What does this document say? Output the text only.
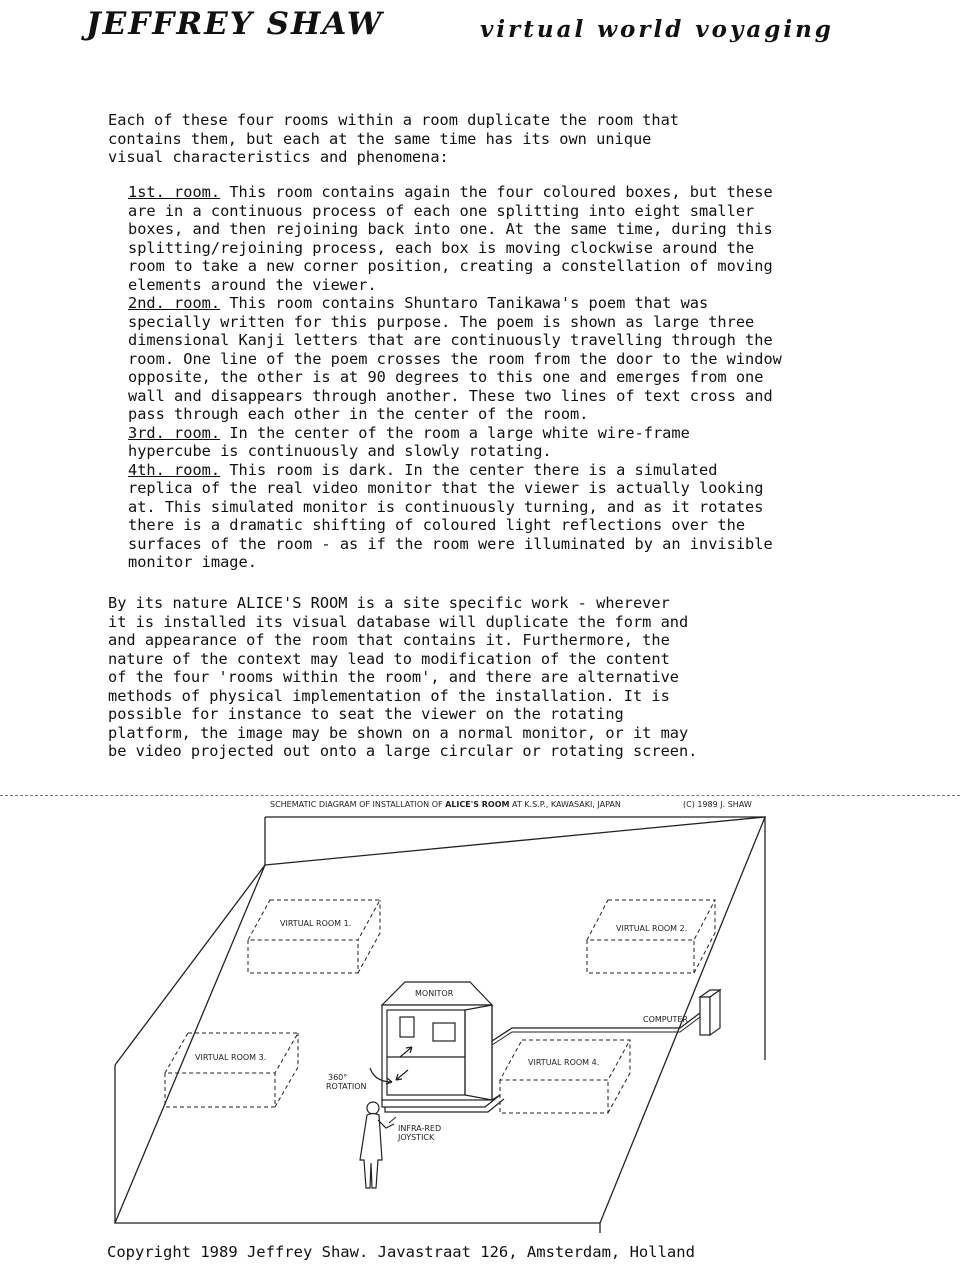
JEFFREY SHAW	virtual world voyaging
Each of these four rooms within a room duplicate the room that
contains them, but each at the same time has its own unique
visual characteristics and phenomena:
1st. room. This room contains again the four coloured boxes, but these
are in a continuous process of each one splitting into eight smaller
boxes, and then rejoining back into one. At the same time, during this
splitting/rejoining process, each box is moving clockwise around the
room to take a new corner position, creating a constellation of moving
elements around the viewer.
2nd. room. This room contains Shuntaro Tanikawa's poem that was
specially written for this purpose. The poem is shown as large three
dimensional Kanji letters that are continuously travelling through the
room. One line of the poem crosses the room from the door to the window
opposite, the other is at 90 degrees to this one and emerges from one
wall and disappears through another. These two lines of text cross and
pass through each other in the center of the room.
3rd. room. In the center of the room a large white wire-frame
hypercube is continuously and slowly rotating.
4th. room. This room is dark. In the center there is a simulated
replica of the real video monitor that the viewer is actually looking
at. This simulated monitor is continuously turning, and as it rotates
there is a dramatic shifting of coloured light reflections over the
surfaces of the room - as if the room were illuminated by an invisible
monitor image.
By its nature ALICE'S ROOM is a site specific work - wherever
it is installed its visual database will duplicate the form and
and appearance of the room that contains it. Furthermore, the
nature of the context may lead to modification of the content
of the four 'rooms within the room', and there are alternative
methods of physical implementation of the installation. It is
possible for instance to seat the viewer on the rotating
platform, the image may be shown on a normal monitor, or it may
be video projected out onto a large circular or rotating screen.
SCHEMATIC DIAGRAM OF INSTALLATION OF ALICE'S ROOM AT K.S.P., KAWASAKI, JAPAN	(C) 1989 J. SHAW
VIRTUAL ROOM 1.
VIRTUAL ROOM 2.
VIRTUAL ROOM 3.
VIRTUAL ROOM 4.
MONITOR
COMPUTER
360°
ROTATION
INFRA-RED
JOYSTICK
Copyright 1989 Jeffrey Shaw. Javastraat 126, Amsterdam, Holland
